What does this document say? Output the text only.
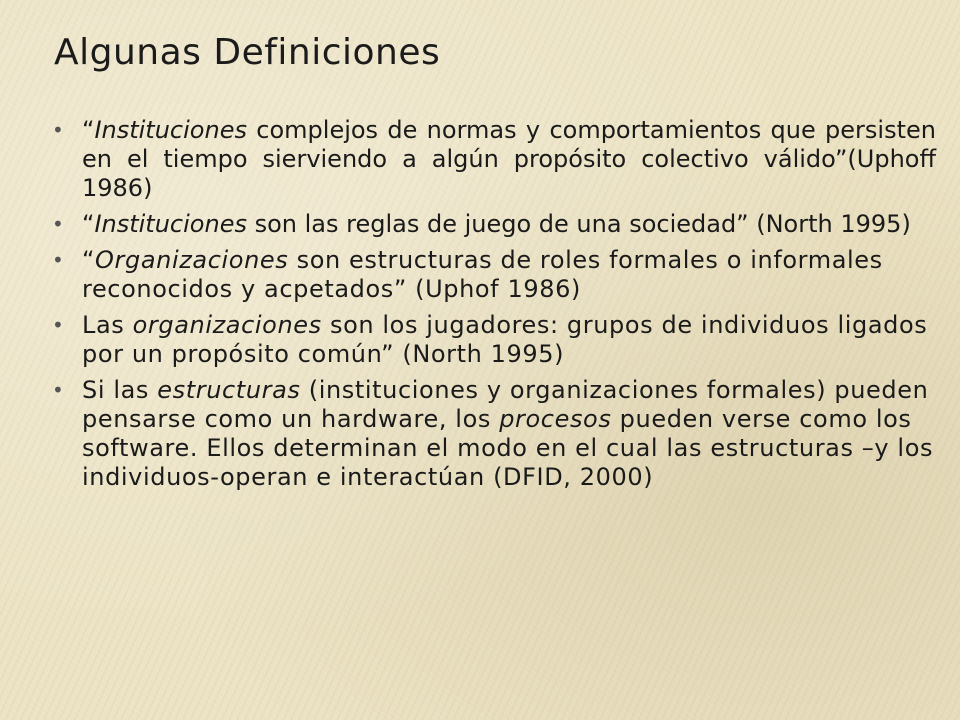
Algunas Definiciones
• “Instituciones complejos de normas y comportamientos que persisten en el tiempo sierviendo a algún propósito colectivo válido”(Uphoff 1986)
• “Instituciones son las reglas de juego de una sociedad” (North 1995)
• “Organizaciones son estructuras de roles formales o informales reconocidos y acpetados” (Uphof 1986)
• Las organizaciones son los jugadores: grupos de individuos ligados por un propósito común” (North 1995)
• Si las estructuras (instituciones y organizaciones formales) pueden pensarse como un hardware, los procesos pueden verse como los software. Ellos determinan el modo en el cual las estructuras –y los individuos-operan e interactúan (DFID, 2000)
